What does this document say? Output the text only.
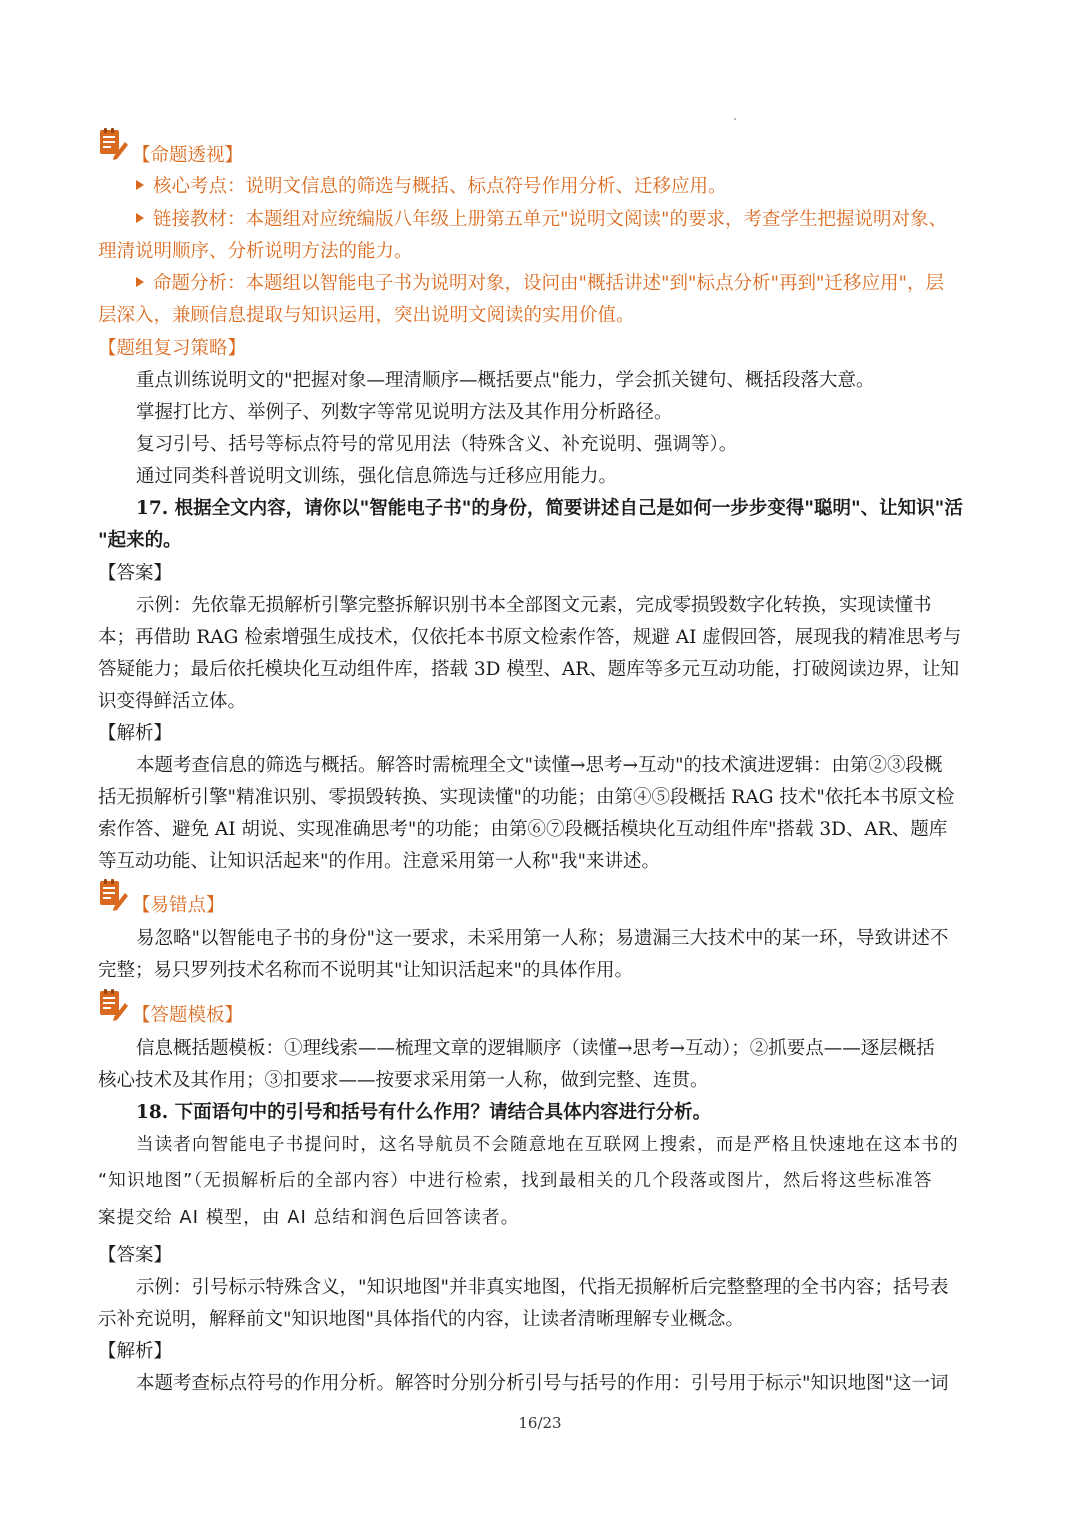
【命题透视】
核心考点：说明文信息的筛选与概括、标点符号作用分析、迁移应用。
链接教材：本题组对应统编版八年级上册第五单元"说明文阅读"的要求，考查学生把握说明对象、
理清说明顺序、分析说明方法的能力。
命题分析：本题组以智能电子书为说明对象，设问由"概括讲述"到"标点分析"再到"迁移应用"，层
层深入，兼顾信息提取与知识运用，突出说明文阅读的实用价值。
【题组复习策略】
重点训练说明文的"把握对象—理清顺序—概括要点"能力，学会抓关键句、概括段落大意。
掌握打比方、举例子、列数字等常见说明方法及其作用分析路径。
复习引号、括号等标点符号的常见用法（特殊含义、补充说明、强调等）。
通过同类科普说明文训练，强化信息筛选与迁移应用能力。
17. 根据全文内容，请你以"智能电子书"的身份，简要讲述自己是如何一步步变得"聪明"、让知识"活
"起来的。
【答案】
示例：先依靠无损解析引擎完整拆解识别书本全部图文元素，完成零损毁数字化转换，实现读懂书
本；再借助 RAG 检索增强生成技术，仅依托本书原文检索作答，规避 AI 虚假回答，展现我的精准思考与
答疑能力；最后依托模块化互动组件库，搭载 3D 模型、AR、题库等多元互动功能，打破阅读边界，让知
识变得鲜活立体。
【解析】
本题考查信息的筛选与概括。解答时需梳理全文"读懂→思考→互动"的技术演进逻辑：由第②③段概
括无损解析引擎"精准识别、零损毁转换、实现读懂"的功能；由第④⑤段概括 RAG 技术"依托本书原文检
索作答、避免 AI 胡说、实现准确思考"的功能；由第⑥⑦段概括模块化互动组件库"搭载 3D、AR、题库
等互动功能、让知识活起来"的作用。注意采用第一人称"我"来讲述。
【易错点】
易忽略"以智能电子书的身份"这一要求，未采用第一人称；易遗漏三大技术中的某一环，导致讲述不
完整；易只罗列技术名称而不说明其"让知识活起来"的具体作用。
【答题模板】
信息概括题模板：①理线索——梳理文章的逻辑顺序（读懂→思考→互动）；②抓要点——逐层概括
核心技术及其作用；③扣要求——按要求采用第一人称，做到完整、连贯。
18. 下面语句中的引号和括号有什么作用？请结合具体内容进行分析。
当读者向智能电子书提问时，这名导航员不会随意地在互联网上搜索，而是严格且快速地在这本书的
“知识地图”（无损解析后的全部内容）中进行检索，找到最相关的几个段落或图片，然后将这些标准答
案提交给 AI 模型，由 AI 总结和润色后回答读者。
【答案】
示例：引号标示特殊含义，"知识地图"并非真实地图，代指无损解析后完整整理的全书内容；括号表
示补充说明，解释前文"知识地图"具体指代的内容，让读者清晰理解专业概念。
【解析】
本题考查标点符号的作用分析。解答时分别分析引号与括号的作用：引号用于标示"知识地图"这一词
16/23
